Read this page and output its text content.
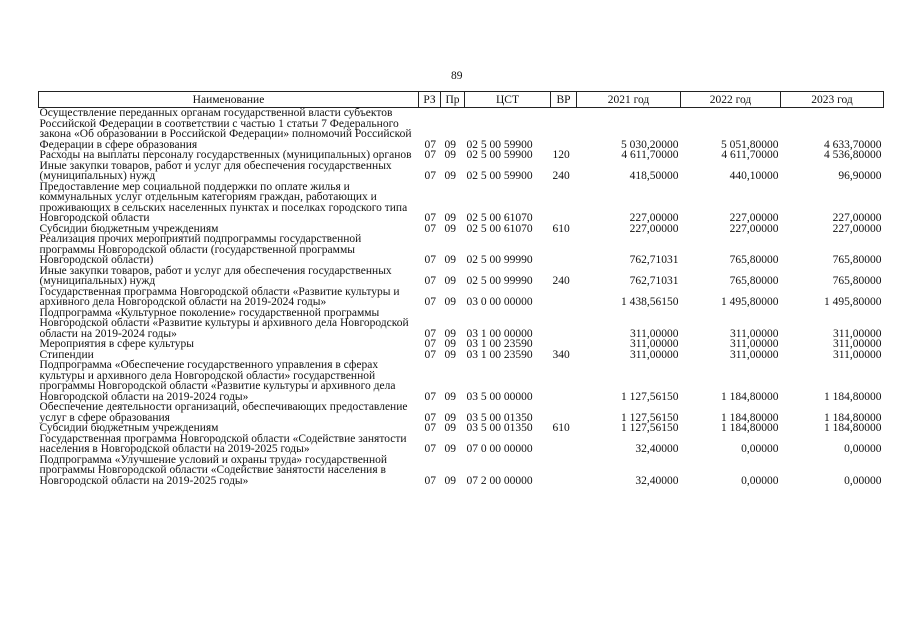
89
Наименование	РЗ	Пр	ЦСТ	ВР	2021 год	2022 год	2023 год
Осуществление переданных органам государственной власти субъектов Российской Федерации в соответствии с частью 1 статьи 7 Федерального закона «Об образовании в Российской Федерации» полномочий Российской Федерации в сфере образования	07	09	02 5 00 59900		5 030,20000	5 051,80000	4 633,70000
Расходы на выплаты персоналу государственных (муниципальных) органов	07	09	02 5 00 59900	120	4 611,70000	4 611,70000	4 536,80000
Иные закупки товаров, работ и услуг для обеспечения государственных (муниципальных) нужд	07	09	02 5 00 59900	240	418,50000	440,10000	96,90000
Предоставление мер социальной поддержки по оплате жилья и коммунальных услуг отдельным категориям граждан, работающих и проживающих в сельских населенных пунктах и поселках городского типа Новгородской области	07	09	02 5 00 61070		227,00000	227,00000	227,00000
Субсидии бюджетным учреждениям	07	09	02 5 00 61070	610	227,00000	227,00000	227,00000
Реализация прочих мероприятий подпрограммы государственной программы Новгородской области (государственной программы Новгородской области)	07	09	02 5 00 99990		762,71031	765,80000	765,80000
Иные закупки товаров, работ и услуг для обеспечения государственных (муниципальных) нужд	07	09	02 5 00 99990	240	762,71031	765,80000	765,80000
Государственная программа Новгородской области «Развитие культуры и архивного дела Новгородской области на 2019-2024 годы»	07	09	03 0 00 00000		1 438,56150	1 495,80000	1 495,80000
Подпрограмма «Культурное поколение» государственной программы Новгородской области «Развитие культуры и архивного дела Новгородской области на 2019-2024 годы»	07	09	03 1 00 00000		311,00000	311,00000	311,00000
Мероприятия в сфере культуры	07	09	03 1 00 23590		311,00000	311,00000	311,00000
Стипендии	07	09	03 1 00 23590	340	311,00000	311,00000	311,00000
Подпрограмма «Обеспечение государственного управления в сферах культуры и архивного дела Новгородской области» государственной программы Новгородской области «Развитие культуры и архивного дела Новгородской области на 2019-2024 годы»	07	09	03 5 00 00000		1 127,56150	1 184,80000	1 184,80000
Обеспечение деятельности организаций, обеспечивающих предоставление услуг в сфере образования	07	09	03 5 00 01350		1 127,56150	1 184,80000	1 184,80000
Субсидии бюджетным учреждениям	07	09	03 5 00 01350	610	1 127,56150	1 184,80000	1 184,80000
Государственная программа Новгородской области «Содействие занятости населения в Новгородской области на 2019-2025 годы»	07	09	07 0 00 00000		32,40000	0,00000	0,00000
Подпрограмма «Улучшение условий и охраны труда» государственной программы Новгородской области «Содействие занятости населения в Новгородской области на 2019-2025 годы»	07	09	07 2 00 00000		32,40000	0,00000	0,00000
